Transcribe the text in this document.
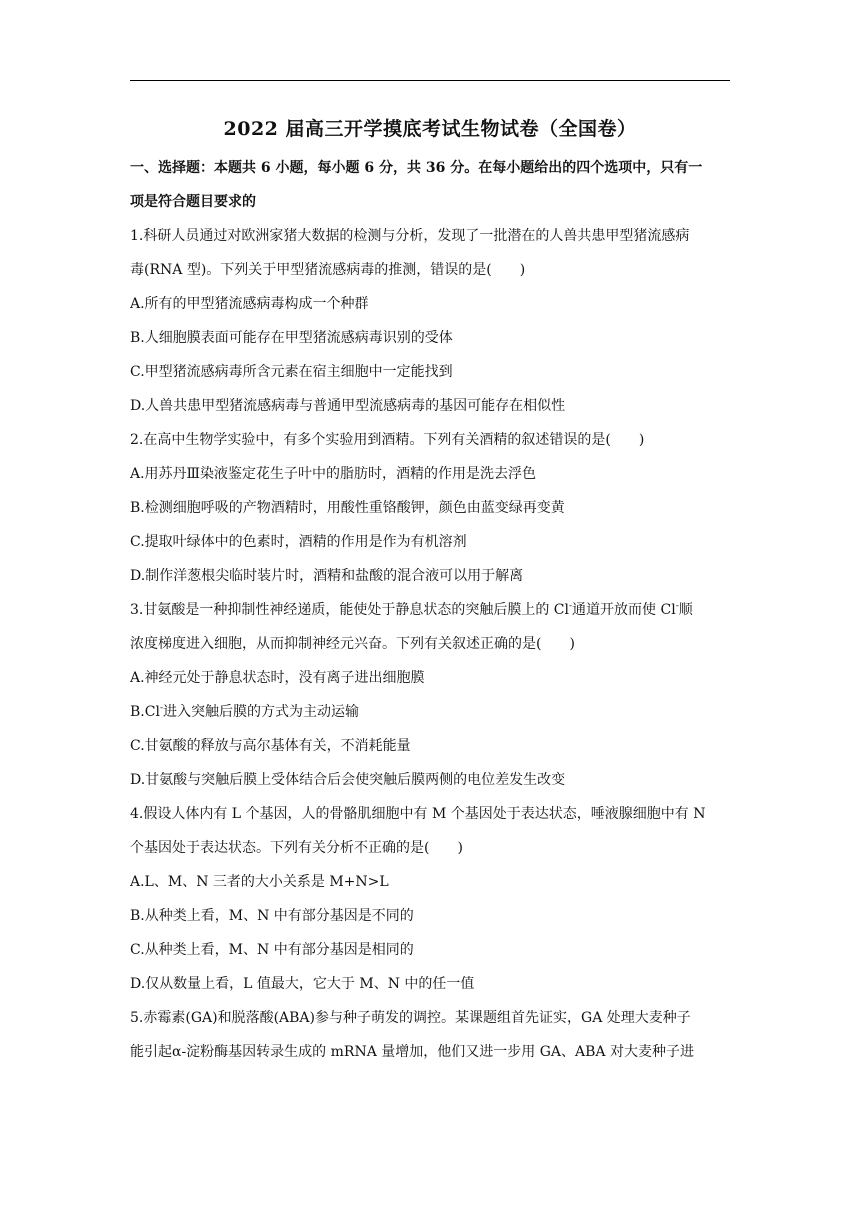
2022 届高三开学摸底考试生物试卷（全国卷）
一、选择题：本题共 6 小题，每小题 6 分，共 36 分。在每小题给出的四个选项中，只有一
项是符合题目要求的
1.科研人员通过对欧洲家猪大数据的检测与分析，发现了一批潜在的人兽共患甲型猪流感病
毒(RNA 型)。下列关于甲型猪流感病毒的推测，错误的是(　　)
A.所有的甲型猪流感病毒构成一个种群
B.人细胞膜表面可能存在甲型猪流感病毒识别的受体
C.甲型猪流感病毒所含元素在宿主细胞中一定能找到
D.人兽共患甲型猪流感病毒与普通甲型流感病毒的基因可能存在相似性
2.在高中生物学实验中，有多个实验用到酒精。下列有关酒精的叙述错误的是(　　)
A.用苏丹Ⅲ染液鉴定花生子叶中的脂肪时，酒精的作用是洗去浮色
B.检测细胞呼吸的产物酒精时，用酸性重铬酸钾，颜色由蓝变绿再变黄
C.提取叶绿体中的色素时，酒精的作用是作为有机溶剂
D.制作洋葱根尖临时装片时，酒精和盐酸的混合液可以用于解离
3.甘氨酸是一种抑制性神经递质，能使处于静息状态的突触后膜上的 Cl-通道开放而使 Cl-顺
浓度梯度进入细胞，从而抑制神经元兴奋。下列有关叙述正确的是(　　)
A.神经元处于静息状态时，没有离子进出细胞膜
B.Cl-进入突触后膜的方式为主动运输
C.甘氨酸的释放与高尔基体有关，不消耗能量
D.甘氨酸与突触后膜上受体结合后会使突触后膜两侧的电位差发生改变
4.假设人体内有 L 个基因，人的骨骼肌细胞中有 M 个基因处于表达状态，唾液腺细胞中有 N
个基因处于表达状态。下列有关分析不正确的是(　　)
A.L、M、N 三者的大小关系是 M+N>L
B.从种类上看，M、N 中有部分基因是不同的
C.从种类上看，M、N 中有部分基因是相同的
D.仅从数量上看，L 值最大，它大于 M、N 中的任一值
5.赤霉素(GA)和脱落酸(ABA)参与种子萌发的调控。某课题组首先证实，GA 处理大麦种子
能引起α-淀粉酶基因转录生成的 mRNA 量增加，他们又进一步用 GA、ABA 对大麦种子进
